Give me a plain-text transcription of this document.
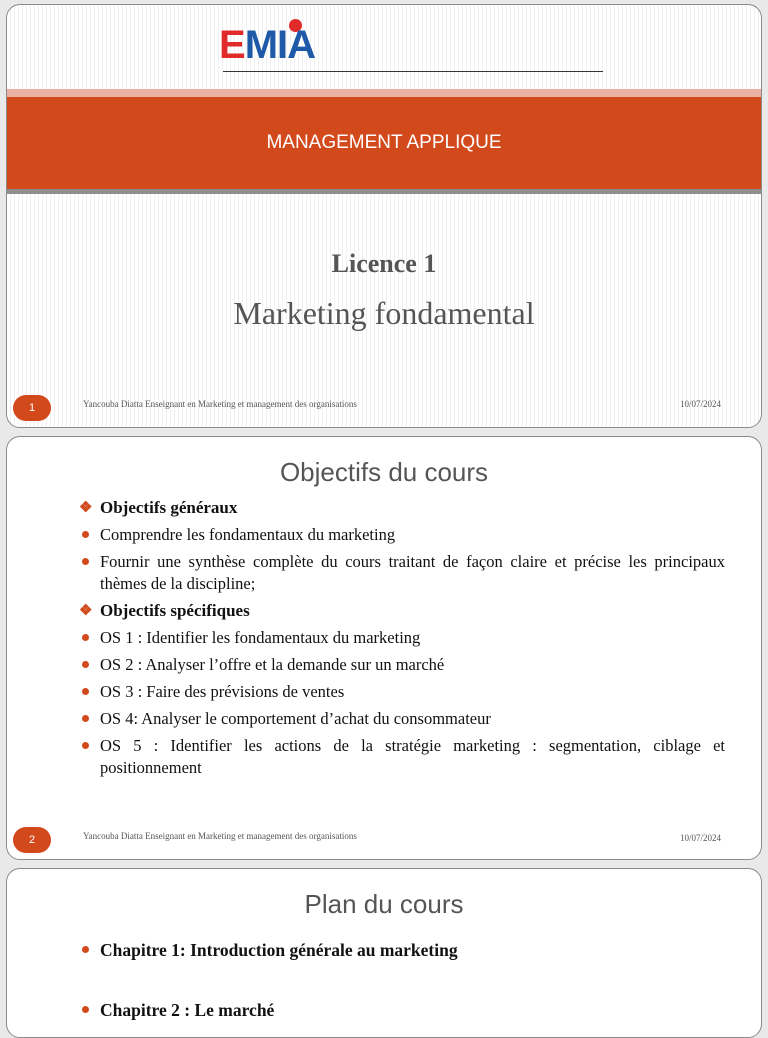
EMIA
MANAGEMENT APPLIQUE
Licence 1
Marketing fondamental
1	Yancouba Diatta Enseignant en Marketing et management des organisations	10/07/2024
Objectifs du cours
❖ Objectifs généraux
Comprendre les fondamentaux du marketing
Fournir une synthèse complète du cours traitant de façon claire et précise les principaux thèmes de la discipline;
❖ Objectifs spécifiques
OS 1 : Identifier les fondamentaux du marketing
OS 2 : Analyser l’offre et la demande sur un marché
OS 3 : Faire des prévisions de ventes
OS 4: Analyser le comportement d’achat du consommateur
OS 5 : Identifier les actions de la stratégie marketing : segmentation, ciblage et positionnement
2	Yancouba Diatta Enseignant en Marketing et management des organisations	10/07/2024
Plan du cours
Chapitre 1: Introduction générale au marketing
Chapitre 2 : Le marché
